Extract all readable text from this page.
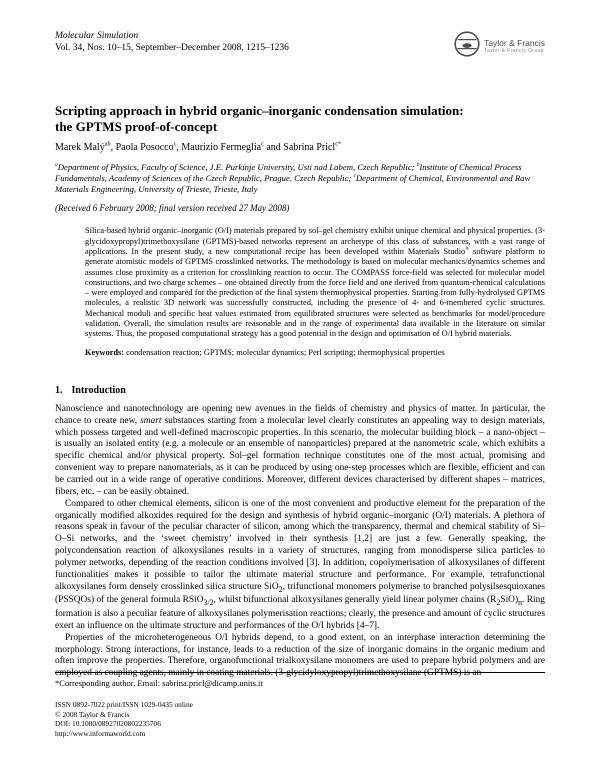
Molecular Simulation
Vol. 34, Nos. 10–15, September–December 2008, 1215–1236
Taylor & Francis
Taylor & Francis Group
Scripting approach in hybrid organic–inorganic condensation simulation:
the GPTMS proof-of-concept
Marek Malý$^{ab}$, Paola Posocco$^c$, Maurizio Fermeglia$^c$ and Sabrina Pricl$^{c*}$
$^a$Department of Physics, Faculty of Science, J.E. Purkinje University, Usti nad Labem, Czech Republic; $^b$Institute of Chemical Process Fundamentals, Academy of Sciences of the Czech Republic, Prague, Czech Republic; $^c$Department of Chemical, Environmental and Raw Materials Engineering, University of Trieste, Trieste, Italy
(Received 6 February 2008; final version received 27 May 2008)
Silica-based hybrid organic–inorganic (O/I) materials prepared by sol–gel chemistry exhibit unique chemical and physical properties. (3-glycidoxypropyl)trimethoxysilane (GPTMS)-based networks represent an archetype of this class of substances, with a vast range of applications. In the present study, a new computational recipe has been developed within Materials Studio® software platform to generate atomistic models of GPTMS crosslinked networks. The methodology is based on molecular mechanics/dynamics schemes and assumes close proximity as a criterion for crosslinking reaction to occur. The COMPASS force-field was selected for molecular model constructions, and two charge schemes – one obtained directly from the force field and one derived from quantum-chemical calculations – were employed and compared for the prediction of the final system thermophysical properties. Starting from fully-hydrolysed GPTMS molecules, a realistic 3D network was successfully constructed, including the presence of 4- and 6-membered cyclic structures. Mechanical moduli and specific heat values estimated from equilibrated structures were selected as benchmarks for model/procedure validation. Overall, the simulation results are reasonable and in the range of experimental data available in the literature on similar systems. Thus, the proposed computational strategy has a good potential in the design and optimisation of O/I hybrid materials.
Keywords: condensation reaction; GPTMS; molecular dynamics; Perl scripting; thermophysical properties
1. Introduction

Nanoscience and nanotechnology are opening new avenues in the fields of chemistry and physics of matter. In particular, the chance to create new, smart substances starting from a molecular level clearly constitutes an appealing way to design materials, which possess targeted and well-defined macroscopic properties. In this scenario, the molecular building block – a nano-object – is usually an isolated entity (e.g. a molecule or an ensemble of nanoparticles) prepared at the nanometric scale, which exhibits a specific chemical and/or physical property. Sol–gel formation technique constitutes one of the most actual, promising and convenient way to prepare nanomaterials, as it can be produced by using one-step processes which are flexible, efficient and can be carried out in a wide range of operative conditions. Moreover, different devices characterised by different shapes – matrices, fibers, etc. – can be easily obtained.

Compared to other chemical elements, silicon is one of the most convenient and productive element for the preparation of the organically modified alkoxides required for the design and synthesis of hybrid organic–inorganic (O/I) materials. A plethora of reasons speak in favour of the peculiar character of silicon, among which the transparency, thermal and chemical stability of Si–O–Si networks, and the ‘sweet chemistry’ involved in their synthesis [1,2] are just a few. Generally speaking, the polycondensation reaction of alkoxysilanes results in a variety of structures, ranging from monodisperse silica particles to polymer networks, depending of the reaction conditions involved [3]. In addition, copolymerisation of alkoxysilanes of different functionalities makes it possible to tailor the ultimate material structure and performance. For example, tetrafunctional alkoxysilanes form densely crosslinked silica structure SiO$_2$, trifunctional monomers polymerise to branched polysilsesquioxanes (PSSQOs) of the general formula RSiO$_{3/2}$, whilst bifunctional alkoxysilanes generally yield linear polymer chains $(R_2SiO)_n$. Ring formation is also a peculiar feature of alkoxysilanes polymerisation reactions; clearly, the presence and amount of cyclic structures exert an influence on the ultimate structure and performances of the O/I hybrids [4–7].

Properties of the microheterogeneous O/I hybrids depend, to a good extent, on an interphase interaction determining the morphology. Strong interactions, for instance, leads to a reduction of the size of inorganic domains in the organic medium and often improve the properties. Therefore, organofunctional trialkoxysilane monomers are used to prepare hybrid polymers and are employed as coupling agents, mainly in coating materials. (3-glycidyloxypropyl)trimethoxysilane (GPTMS) is an

*Corresponding author. Email: sabrina.pricl@dicamp.units.it
ISSN 0892-7022 print/ISSN 1029-0435 online
© 2008 Taylor & Francis
DOI: 10.1080/08927020802235706
http://www.informaworld.com
